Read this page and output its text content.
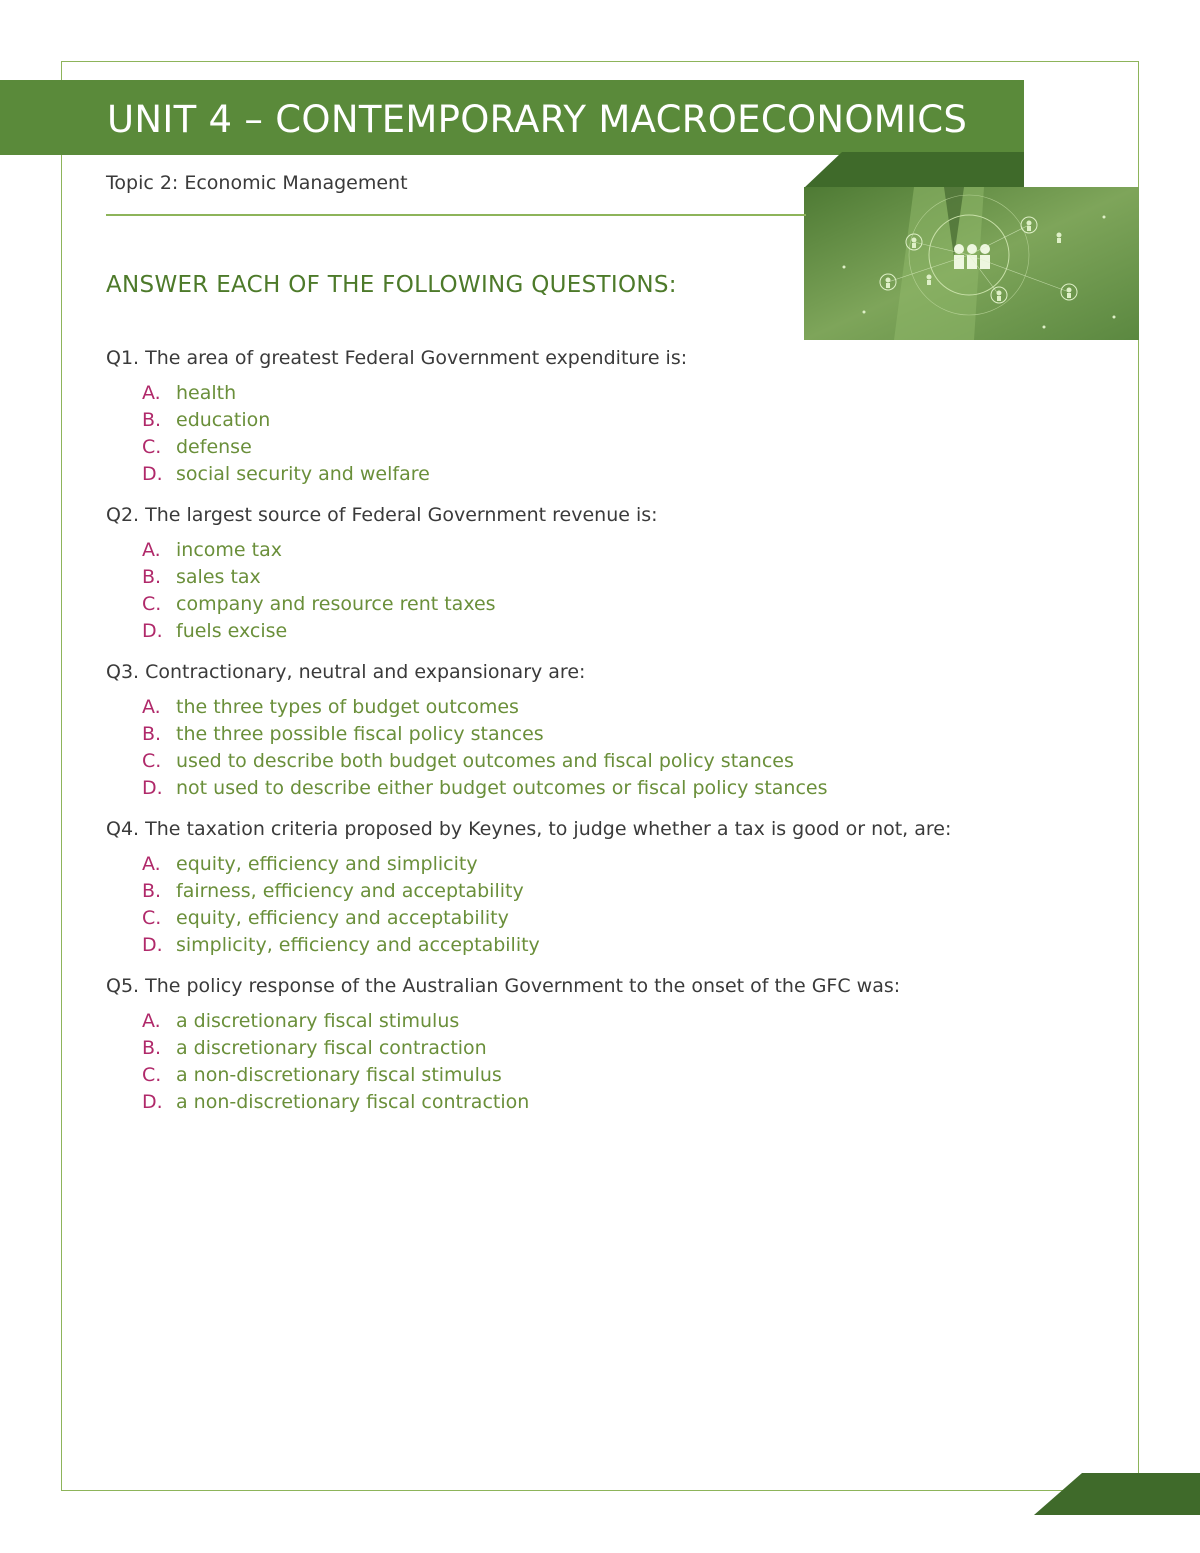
UNIT 4 – CONTEMPORARY MACROECONOMICS
Topic 2: Economic Management
ANSWER EACH OF THE FOLLOWING QUESTIONS:
Q1. The area of greatest Federal Government expenditure is:
A. health
B. education
C. defense
D. social security and welfare
Q2. The largest source of Federal Government revenue is:
A. income tax
B. sales tax
C. company and resource rent taxes
D. fuels excise
Q3. Contractionary, neutral and expansionary are:
A. the three types of budget outcomes
B. the three possible fiscal policy stances
C. used to describe both budget outcomes and fiscal policy stances
D. not used to describe either budget outcomes or fiscal policy stances
Q4. The taxation criteria proposed by Keynes, to judge whether a tax is good or not, are:
A. equity, efficiency and simplicity
B. fairness, efficiency and acceptability
C. equity, efficiency and acceptability
D. simplicity, efficiency and acceptability
Q5. The policy response of the Australian Government to the onset of the GFC was:
A. a discretionary fiscal stimulus
B. a discretionary fiscal contraction
C. a non-discretionary fiscal stimulus
D. a non-discretionary fiscal contraction
